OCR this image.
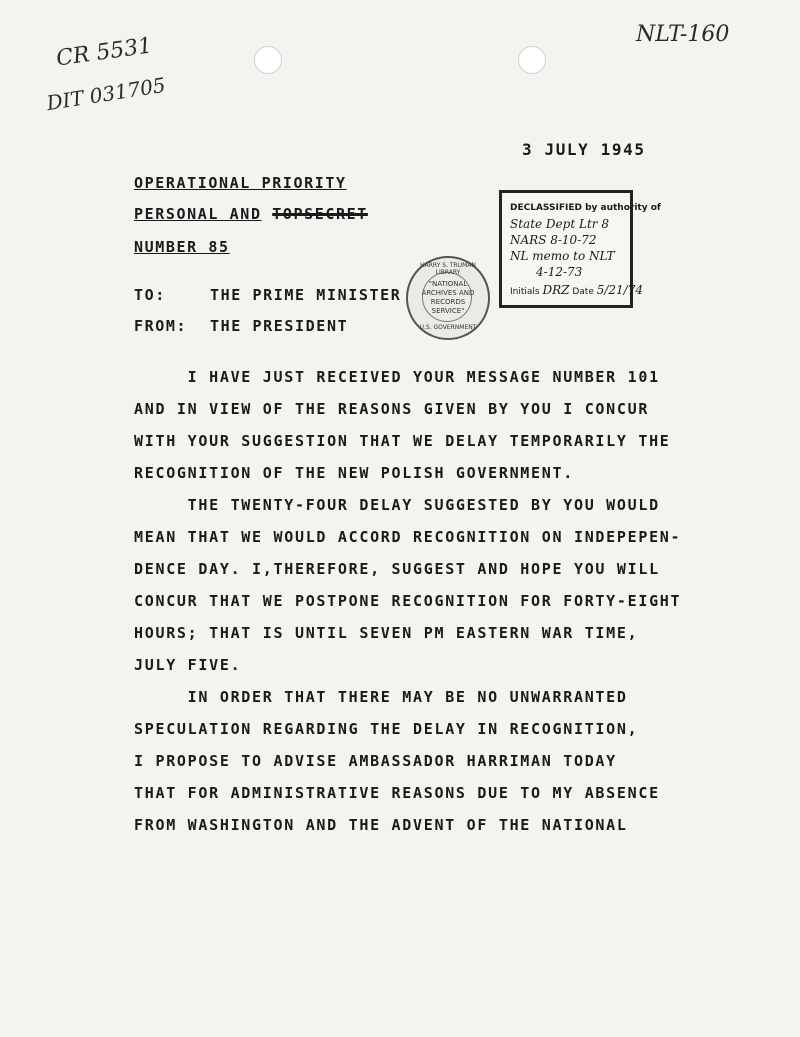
NLT-160
CR 5531
DIT 031705
3 JULY 1945
OPERATIONAL PRIORITY
PERSONAL AND TOPSECRET
NUMBER 85
DECLASSIFIED by authority of
State Dept Ltr 8
NARS 8-10-72
NL memo to NLT
4-12-73
Initials DRZ Date 5/21/74
HARRY S. TRUMAN LIBRARY
"NATIONAL
ARCHIVES AND
RECORDS
SERVICE"
U.S. GOVERNMENT
TO:	THE PRIME MINISTER
FROM: THE PRESIDENT
I HAVE JUST RECEIVED YOUR MESSAGE NUMBER 101
AND IN VIEW OF THE REASONS GIVEN BY YOU I CONCUR
WITH YOUR SUGGESTION THAT WE DELAY TEMPORARILY THE
RECOGNITION OF THE NEW POLISH GOVERNMENT.
THE TWENTY-FOUR DELAY SUGGESTED BY YOU WOULD
MEAN THAT WE WOULD ACCORD RECOGNITION ON INDEPEPEN-
DENCE DAY. I,THEREFORE, SUGGEST AND HOPE YOU WILL
CONCUR THAT WE POSTPONE RECOGNITION FOR FORTY-EIGHT
HOURS; THAT IS UNTIL SEVEN PM EASTERN WAR TIME,
JULY FIVE.
IN ORDER THAT THERE MAY BE NO UNWARRANTED
SPECULATION REGARDING THE DELAY IN RECOGNITION,
I PROPOSE TO ADVISE AMBASSADOR HARRIMAN TODAY
THAT FOR ADMINISTRATIVE REASONS DUE TO MY ABSENCE
FROM WASHINGTON AND THE ADVENT OF THE NATIONAL
